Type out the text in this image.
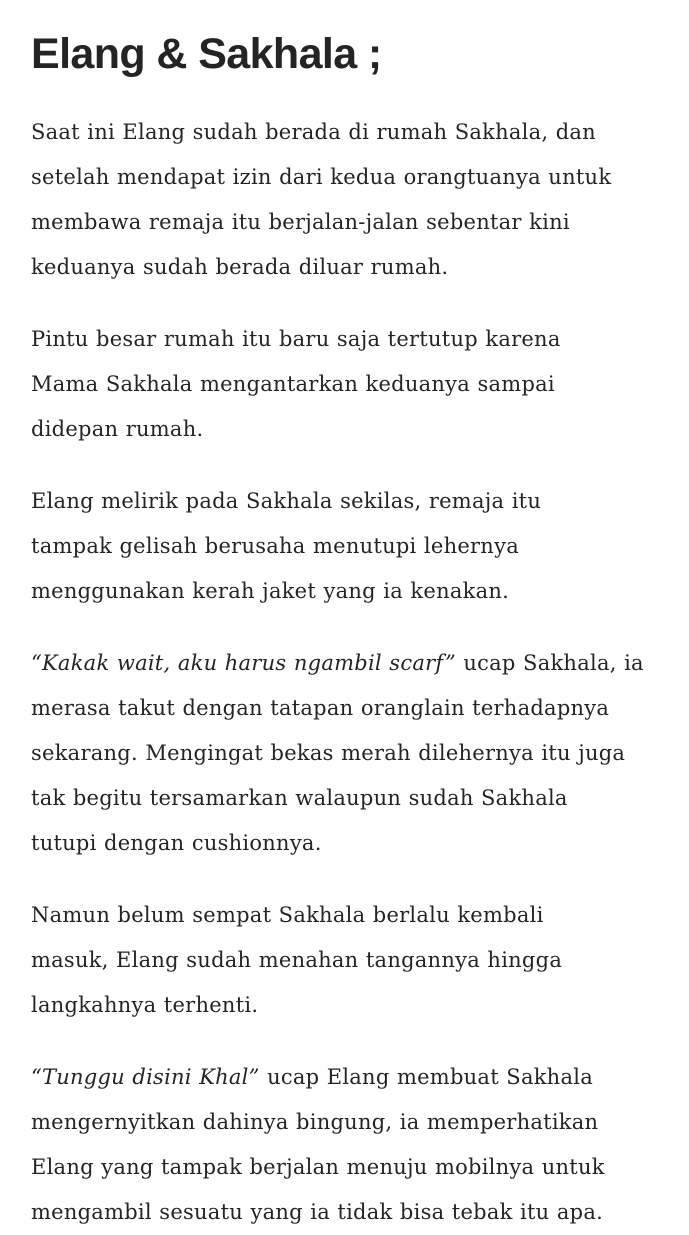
Elang & Sakhala ;
Saat ini Elang sudah berada di rumah Sakhala, dan
setelah mendapat izin dari kedua orangtuanya untuk
membawa remaja itu berjalan-jalan sebentar kini
keduanya sudah berada diluar rumah.
Pintu besar rumah itu baru saja tertutup karena
Mama Sakhala mengantarkan keduanya sampai
didepan rumah.
Elang melirik pada Sakhala sekilas, remaja itu
tampak gelisah berusaha menutupi lehernya
menggunakan kerah jaket yang ia kenakan.
“Kakak wait, aku harus ngambil scarf” ucap Sakhala, ia
merasa takut dengan tatapan oranglain terhadapnya
sekarang. Mengingat bekas merah dilehernya itu juga
tak begitu tersamarkan walaupun sudah Sakhala
tutupi dengan cushionnya.
Namun belum sempat Sakhala berlalu kembali
masuk, Elang sudah menahan tangannya hingga
langkahnya terhenti.
“Tunggu disini Khal” ucap Elang membuat Sakhala
mengernyitkan dahinya bingung, ia memperhatikan
Elang yang tampak berjalan menuju mobilnya untuk
mengambil sesuatu yang ia tidak bisa tebak itu apa.
